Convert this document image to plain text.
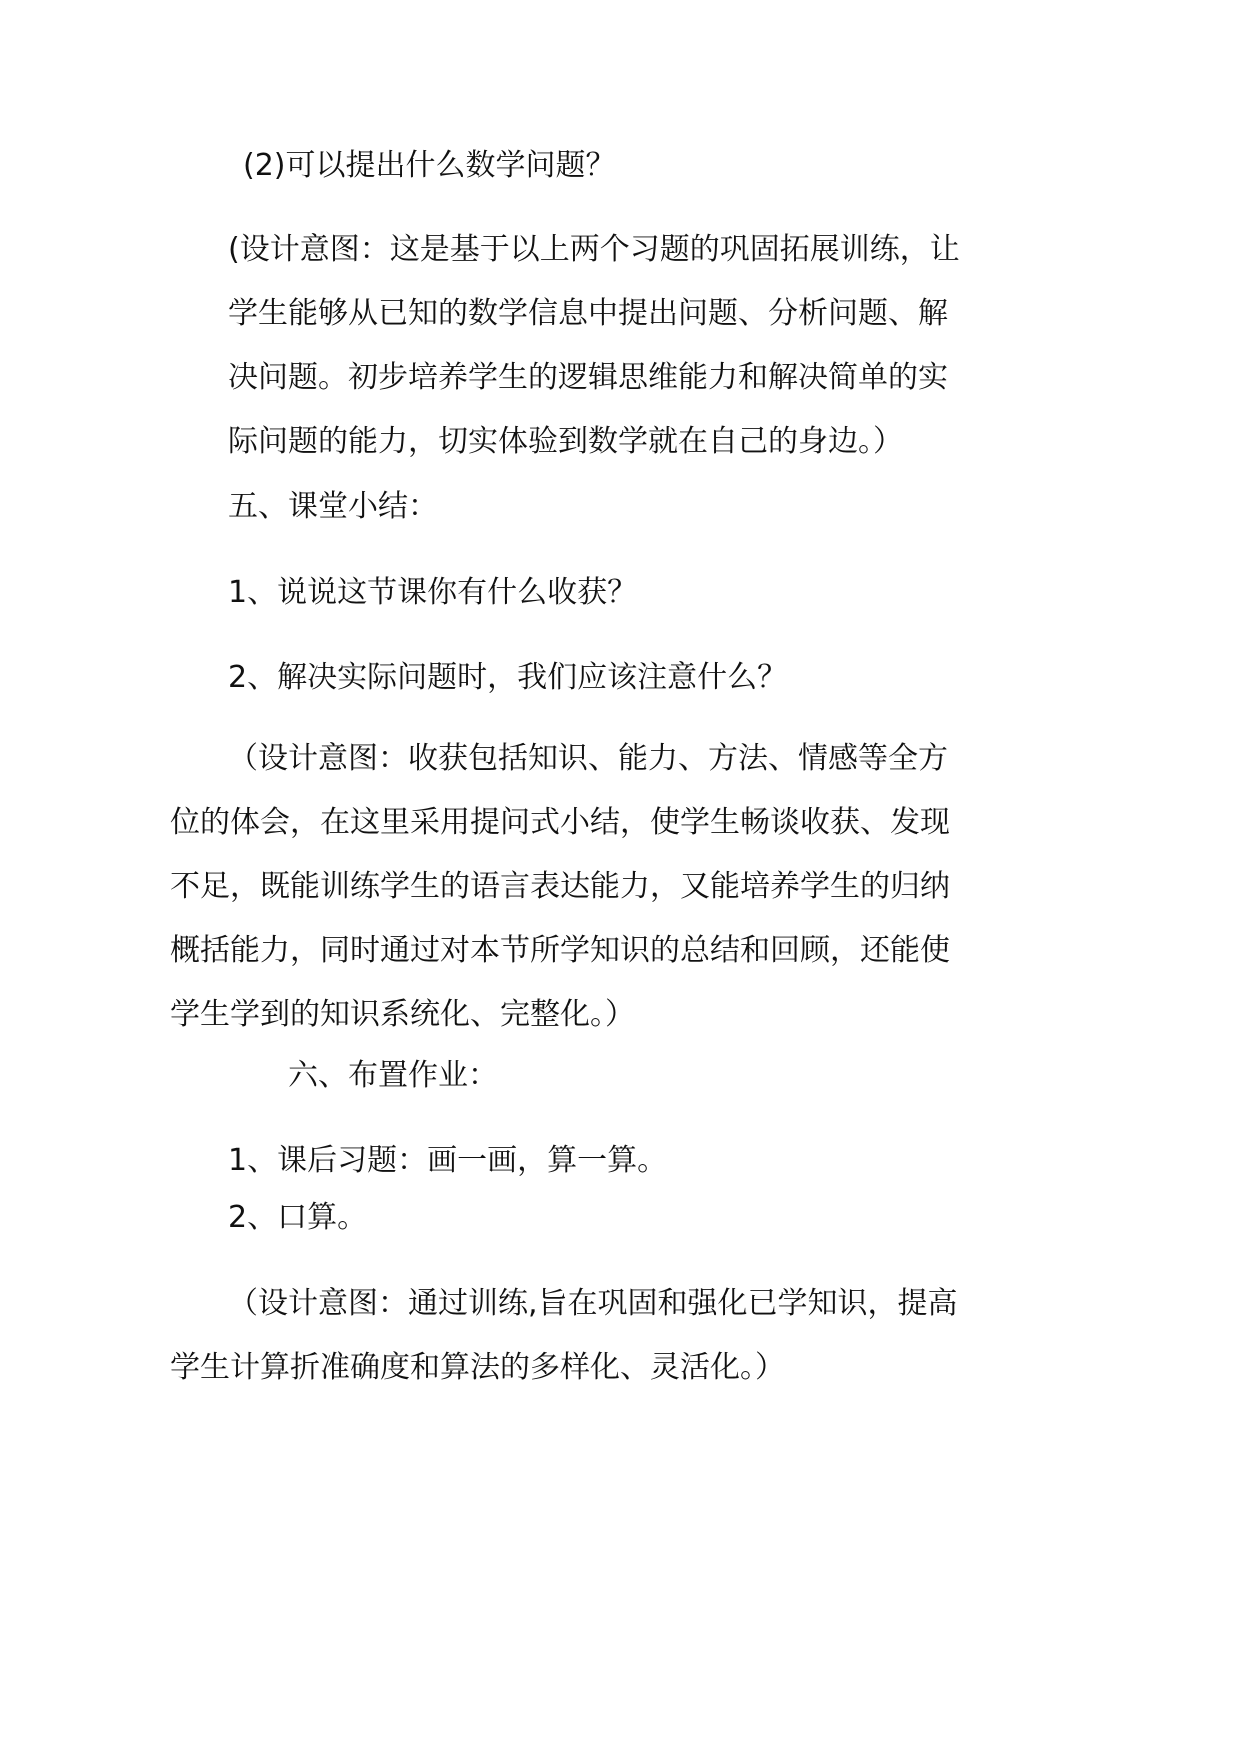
(2)可以提出什么数学问题？
(设计意图：这是基于以上两个习题的巩固拓展训练，让
学生能够从已知的数学信息中提出问题、分析问题、解
决问题。初步培养学生的逻辑思维能力和解决简单的实
际问题的能力，切实体验到数学就在自己的身边。）
五、课堂小结：
1、说说这节课你有什么收获？
2、解决实际问题时，我们应该注意什么？
（设计意图：收获包括知识、能力、方法、情感等全方
位的体会，在这里采用提问式小结，使学生畅谈收获、发现
不足，既能训练学生的语言表达能力，又能培养学生的归纳
概括能力，同时通过对本节所学知识的总结和回顾，还能使
学生学到的知识系统化、完整化。）
六、布置作业：
1、课后习题：画一画，算一算。
2、口算。
（设计意图：通过训练,旨在巩固和强化已学知识，提高
学生计算折准确度和算法的多样化、灵活化。）
